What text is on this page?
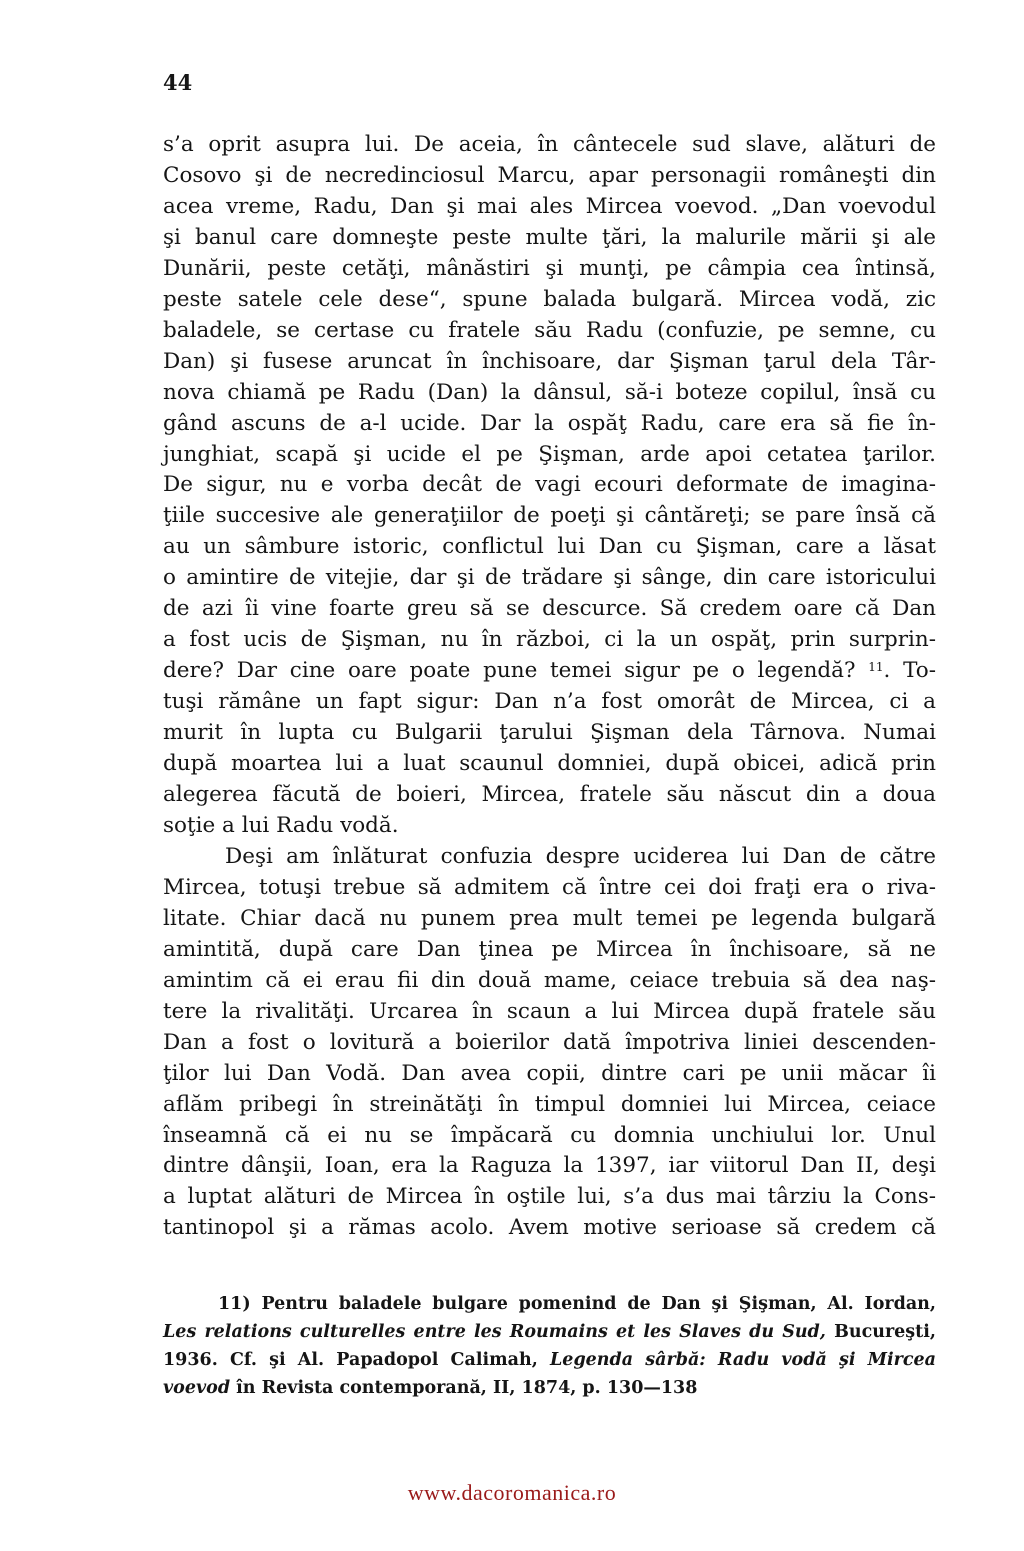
44
s’a oprit asupra lui. De aceia, în cântecele sud slave, alături de
Cosovo şi de necredinciosul Marcu, apar personagii româneşti din
acea vreme, Radu, Dan şi mai ales Mircea voevod. „Dan voevodul
şi banul care domneşte peste multe ţări, la malurile mării şi ale
Dunării, peste cetăţi, mânăstiri şi munţi, pe câmpia cea întinsă,
peste satele cele dese“, spune balada bulgară. Mircea vodă, zic
baladele, se certase cu fratele său Radu (confuzie, pe semne, cu
Dan) şi fusese aruncat în închisoare, dar Şişman ţarul dela Târ-
nova chiamă pe Radu (Dan) la dânsul, să-i boteze copilul, însă cu
gând ascuns de a-l ucide. Dar la ospăţ Radu, care era să fie în-
junghiat, scapă şi ucide el pe Şişman, arde apoi cetatea ţarilor.
De sigur, nu e vorba decât de vagi ecouri deformate de imagina-
ţiile succesive ale generaţiilor de poeţi şi cântăreţi; se pare însă că
au un sâmbure istoric, conflictul lui Dan cu Şişman, care a lăsat
o amintire de vitejie, dar şi de trădare şi sânge, din care istoricului
de azi îi vine foarte greu să se descurce. Să credem oare că Dan
a fost ucis de Şişman, nu în război, ci la un ospăţ, prin surprin-
dere? Dar cine oare poate pune temei sigur pe o legendă? $^{11}$. To-
tuşi rămâne un fapt sigur: Dan n’a fost omorât de Mircea, ci a
murit în lupta cu Bulgarii ţarului Şişman dela Târnova. Numai
după moartea lui a luat scaunul domniei, după obicei, adică prin
alegerea făcută de boieri, Mircea, fratele său născut din a doua
soţie a lui Radu vodă.
Deşi am înlăturat confuzia despre uciderea lui Dan de către
Mircea, totuşi trebue să admitem că între cei doi fraţi era o riva-
litate. Chiar dacă nu punem prea mult temei pe legenda bulgară
amintită, după care Dan ţinea pe Mircea în închisoare, să ne
amintim că ei erau fii din două mame, ceiace trebuia să dea naş-
tere la rivalităţi. Urcarea în scaun a lui Mircea după fratele său
Dan a fost o lovitură a boierilor dată împotriva liniei descenden-
ţilor lui Dan Vodă. Dan avea copii, dintre cari pe unii măcar îi
aflăm pribegi în streinătăţi în timpul domniei lui Mircea, ceiace
înseamnă că ei nu se împăcară cu domnia unchiului lor. Unul
dintre dânşii, Ioan, era la Raguza la 1397, iar viitorul Dan II, deşi
a luptat alături de Mircea în oştile lui, s’a dus mai târziu la Cons-
tantinopol şi a rămas acolo. Avem motive serioase să credem că
11) Pentru baladele bulgare pomenind de Dan şi Şişman, Al. Iordan,
Les relations culturelles entre les Roumains et les Slaves du Sud, Bucureşti,
1936. Cf. şi Al. Papadopol Calimah, Legenda sârbă: Radu vodă şi Mircea
voevod în Revista contemporană, II, 1874, p. 130—138
www.dacoromanica.ro
